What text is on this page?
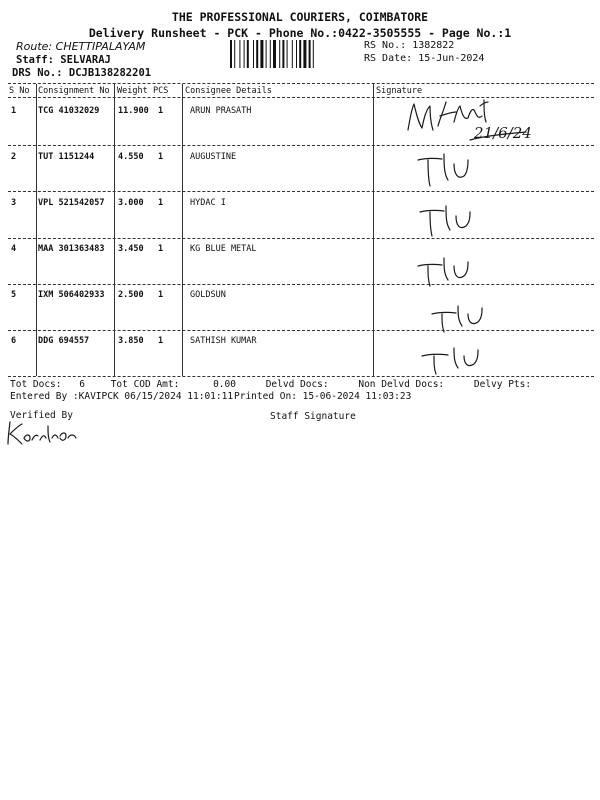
THE PROFESSIONAL COURIERS, COIMBATORE
Delivery Runsheet - PCK - Phone No.:0422-3505555 - Page No.:1
Route: CHETTIPALAYAM
Staff: SELVARAJ
DRS No.: DCJB138282201
RS No.: 1382822
RS Date: 15-Jun-2024
S No Consignment No Weight PCS Consignee Details	Signature
1	TCG 41032029 11.900 1	ARUN PRASATH
2	TUT 1151244	4.550 1	AUGUSTINE
3	VPL 521542057 3.000 1	HYDAC I
4	MAA 301363483 3.450 1	KG BLUE METAL
5	IXM 506402933 2.500 1	GOLDSUN
6	DDG 694557	3.850 1	SATHISH KUMAR
21/6/24
Tot Docs: 6	Tot COD Amt:	0.00	Delvd Docs:	Non Delvd Docs:	Delvy Pts:
Entered By :KAVIPCK 06/15/2024 11:01:11 Printed On: 15-06-2024 11:03:23
Verified By	Staff Signature
